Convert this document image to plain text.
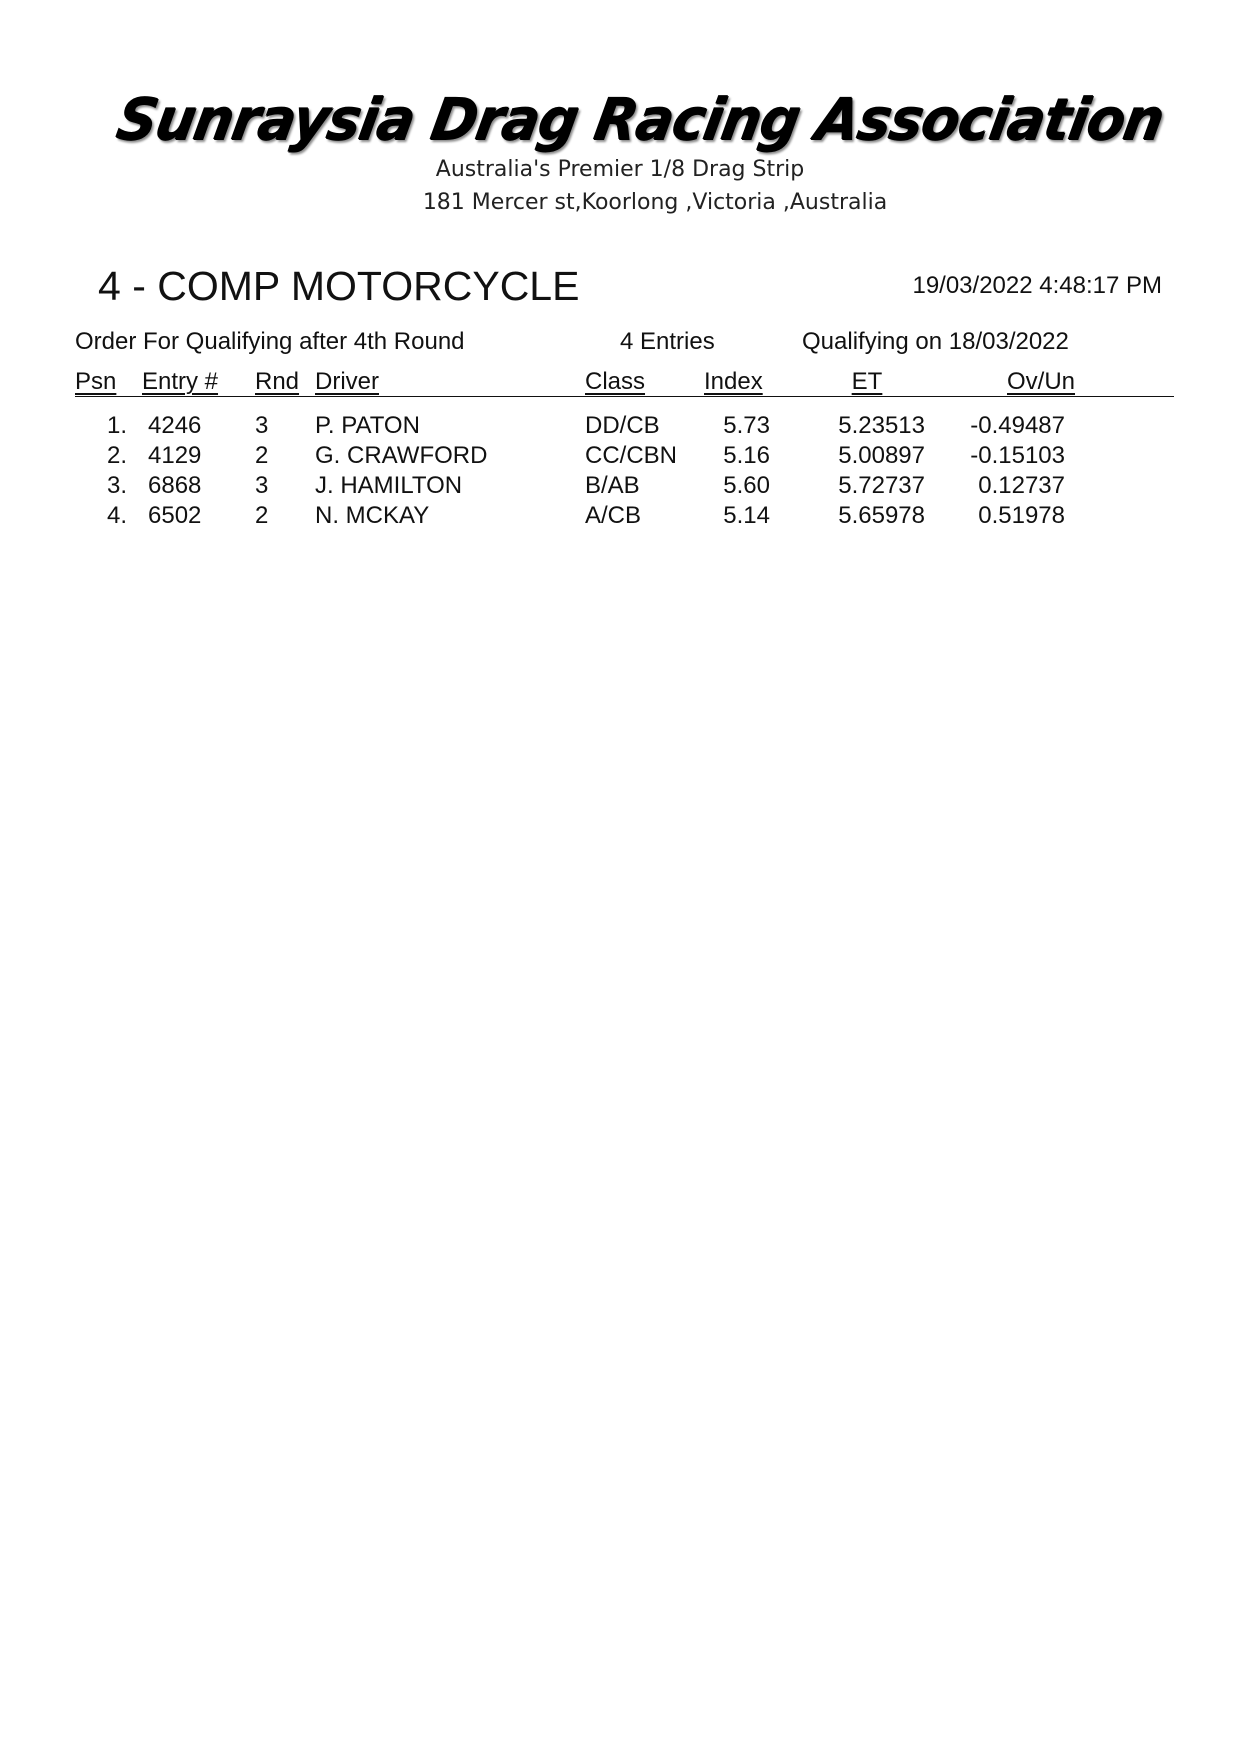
Sunraysia Drag Racing Association
Australia's Premier 1/8 Drag Strip
181 Mercer st,Koorlong ,Victoria ,Australia
4 - COMP MOTORCYCLE	19/03/2022 4:48:17 PM
Order For Qualifying after 4th Round	4 Entries	Qualifying on 18/03/2022
Psn Entry # Rnd Driver	Class Index	ET	Ov/Un
1. 4246 3 P. PATON	DD/CB	5.73	5.23513	-0.49487
2. 4129 2 G. CRAWFORD	CC/CBN	5.16	5.00897	-0.15103
3. 6868 3 J. HAMILTON	B/AB	5.60	5.72737	0.12737
4. 6502 2 N. MCKAY	A/CB	5.14	5.65978	0.51978
